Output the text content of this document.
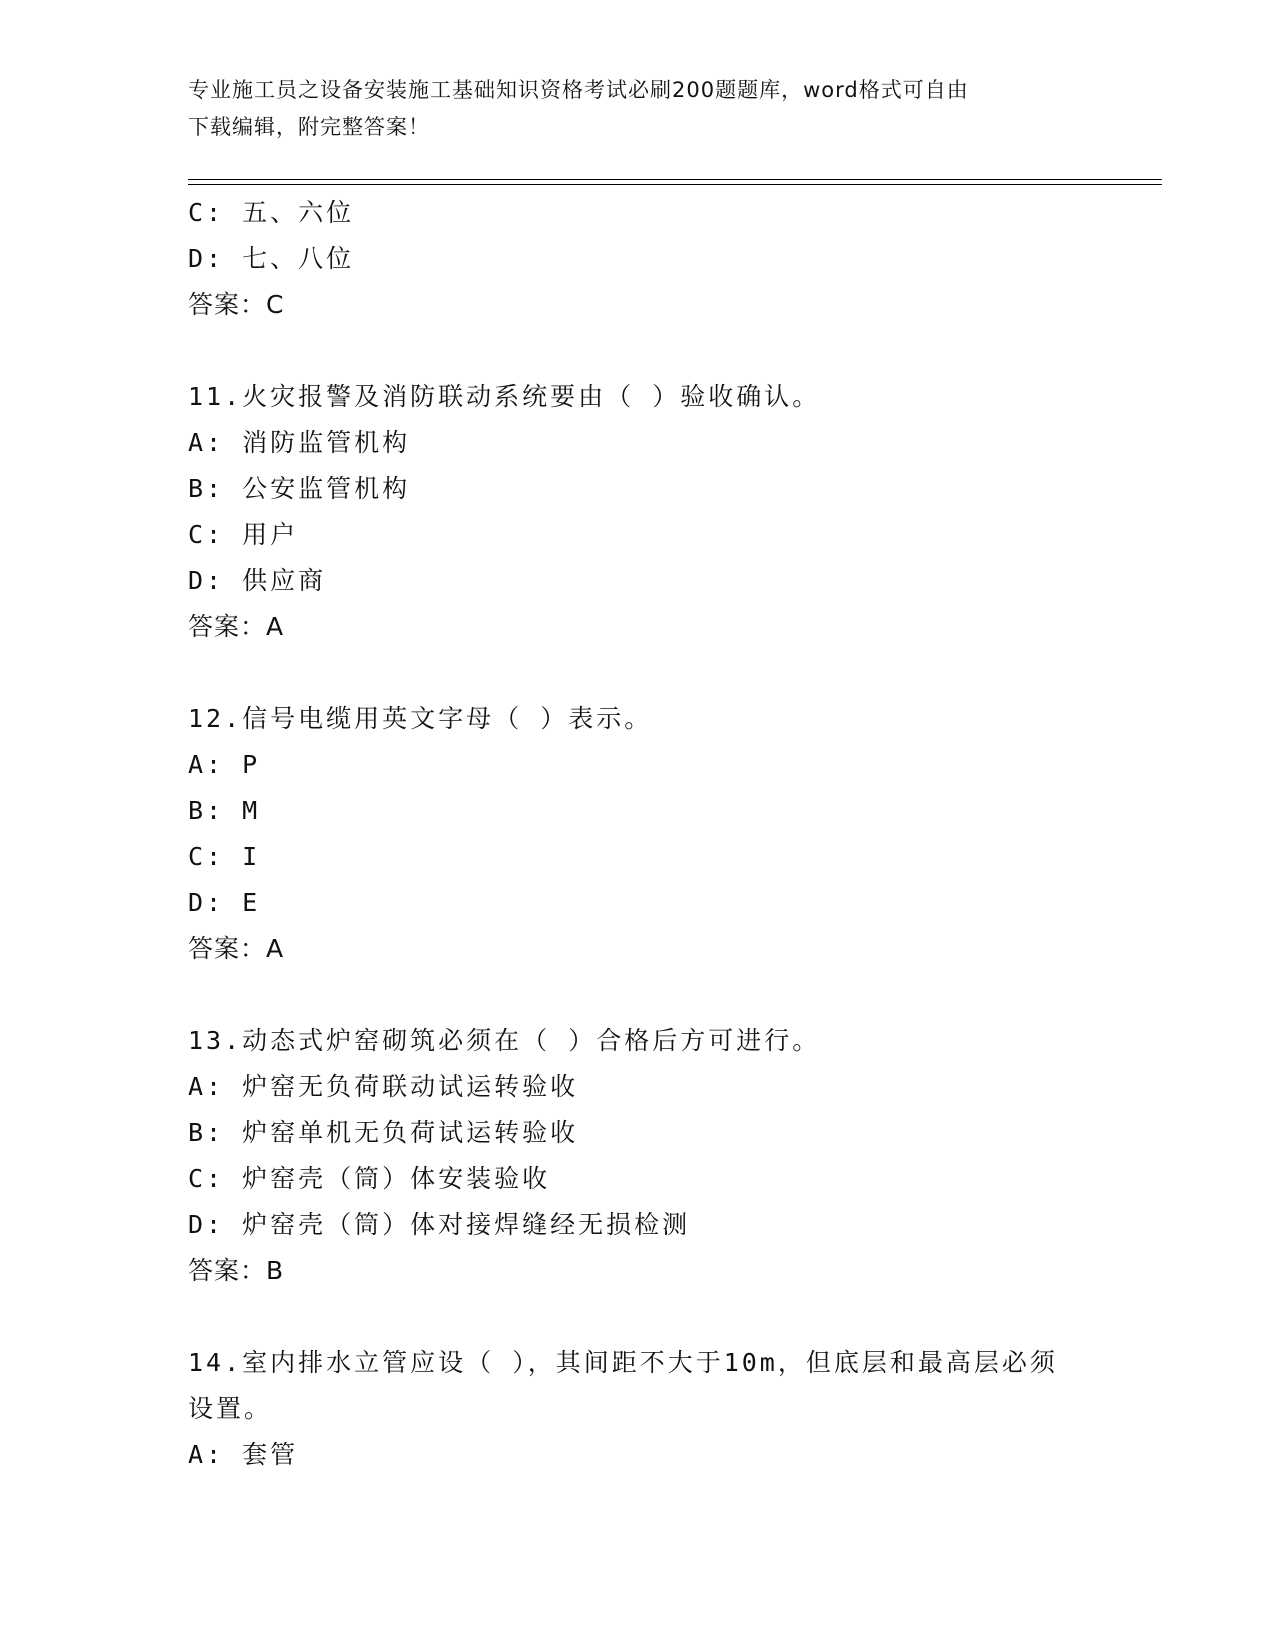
专业施工员之设备安装施工基础知识资格考试必刷200题题库，word格式可自由
下载编辑，附完整答案！
C: 五、六位
D: 七、八位
答案：C
11.火灾报警及消防联动系统要由（ ）验收确认。
A: 消防监管机构
B: 公安监管机构
C: 用户
D: 供应商
答案：A
12.信号电缆用英文字母（ ）表示。
A: P
B: M
C: I
D: E
答案：A
13.动态式炉窑砌筑必须在（ ）合格后方可进行。
A: 炉窑无负荷联动试运转验收
B: 炉窑单机无负荷试运转验收
C: 炉窑壳（筒）体安装验收
D: 炉窑壳（筒）体对接焊缝经无损检测
答案：B
14.室内排水立管应设（ ），其间距不大于10m，但底层和最高层必须
设置。
A: 套管
